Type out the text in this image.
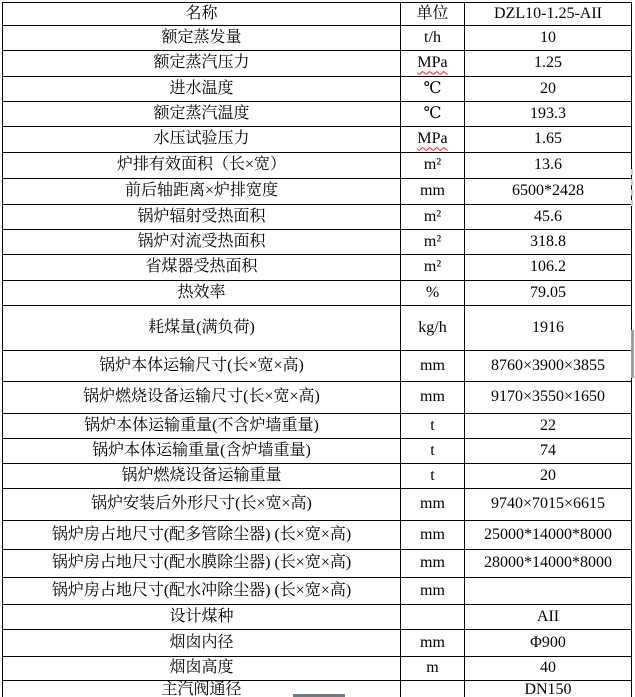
名称	单位	DZL10-1.25-AII
额定蒸发量	t/h	10
额定蒸汽压力	MPa	1.25
进水温度	℃	20
额定蒸汽温度	℃	193.3
水压试验压力	MPa	1.65
炉排有效面积（长×宽）	m²	13.6
前后轴距离×炉排宽度	mm	6500*2428
锅炉辐射受热面积	m²	45.6
锅炉对流受热面积	m²	318.8
省煤器受热面积	m²	106.2
热效率	%	79.05
耗煤量(满负荷)	kg/h	1916
锅炉本体运输尺寸(长×宽×高)	mm	8760×3900×3855
锅炉燃烧设备运输尺寸(长×宽×高)	mm	9170×3550×1650
锅炉本体运输重量(不含炉墙重量)	t	22
锅炉本体运输重量(含炉墙重量)	t	74
锅炉燃烧设备运输重量	t	20
锅炉安装后外形尺寸(长×宽×高)	mm	9740×7015×6615
锅炉房占地尺寸(配多管除尘器) (长×宽×高)	mm	25000*14000*8000
锅炉房占地尺寸(配水膜除尘器) (长×宽×高)	mm	28000*14000*8000
锅炉房占地尺寸(配水冲除尘器) (长×宽×高)	mm	
设计煤种		AII
烟囱内径	mm	Φ900
烟囱高度	m	40
主汽阀通径		DN150
